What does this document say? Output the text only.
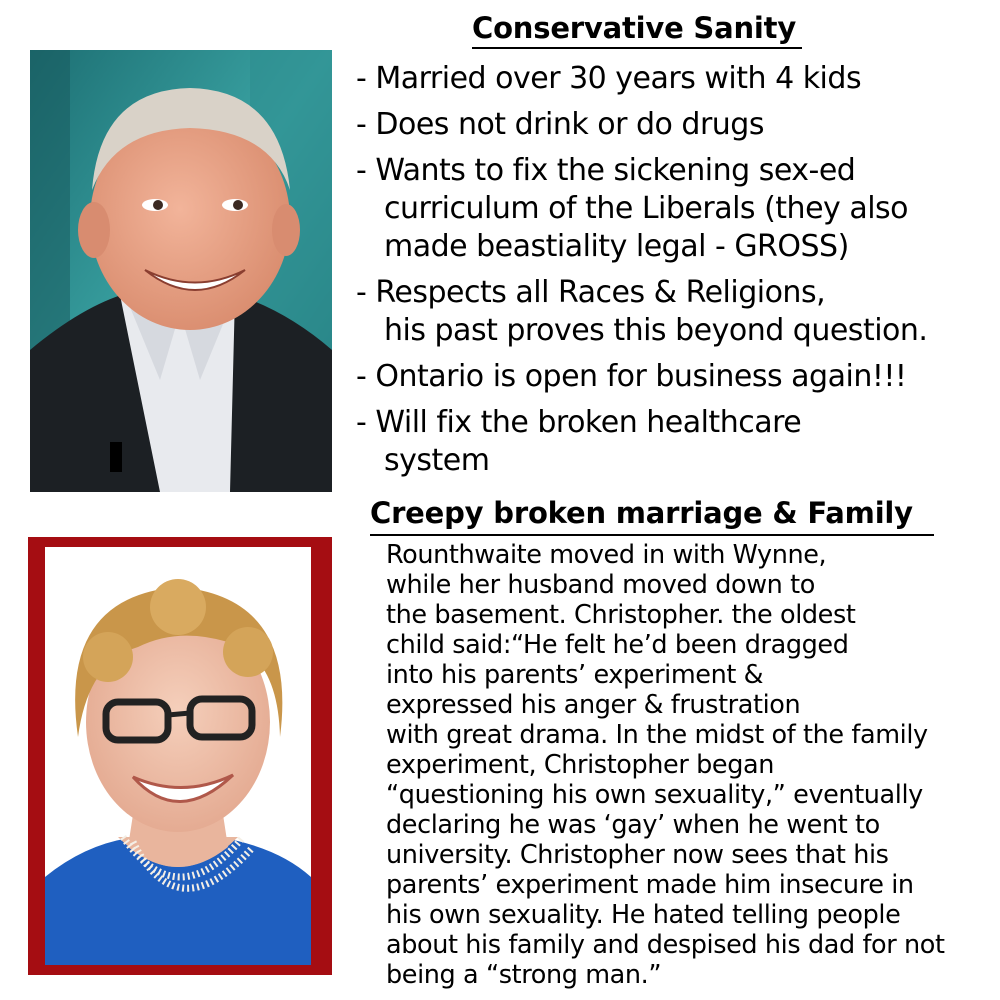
Conservative Sanity
- Married over 30 years with 4 kids
- Does not drink or do drugs
- Wants to fix the sickening sex-ed
curriculum of the Liberals (they also
made beastiality legal - GROSS)
- Respects all Races & Religions,
his past proves this beyond question.
- Ontario is open for business again!!!
- Will fix the broken healthcare
system
Creepy broken marriage & Family
Rounthwaite moved in with Wynne,
while her husband moved down to
the basement. Christopher. the oldest
child said:“He felt he’d been dragged
into his parents’ experiment &
expressed his anger & frustration
with great drama. In the midst of the family
experiment, Christopher began
“questioning his own sexuality,” eventually
declaring he was ‘gay’ when he went to
university. Christopher now sees that his
parents’ experiment made him insecure in
his own sexuality. He hated telling people
about his family and despised his dad for not
being a “strong man.”
